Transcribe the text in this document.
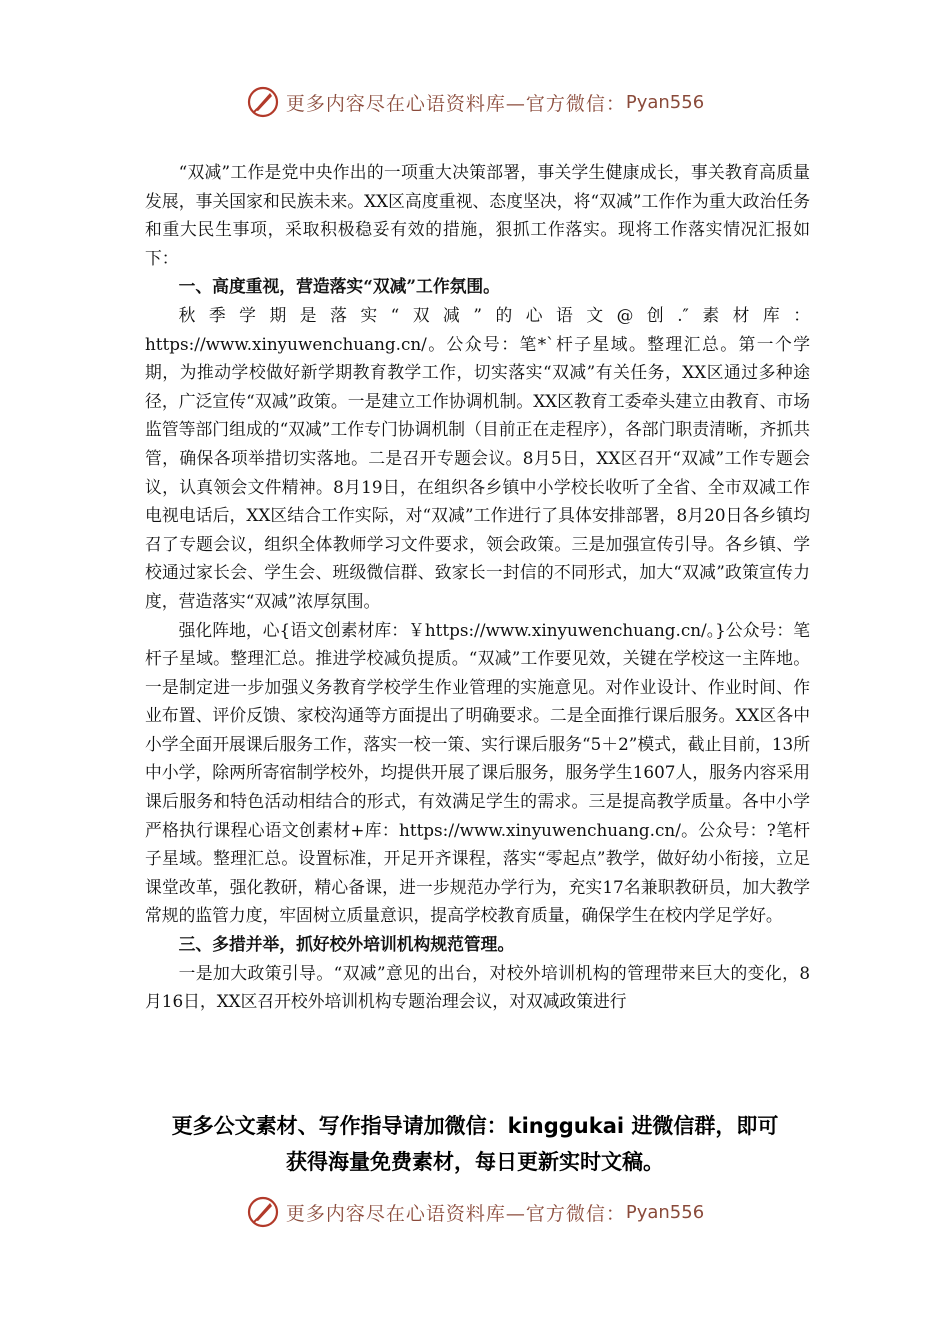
更多内容尽在心语资料库—官方微信： Pyan556

“双减”工作是党中央作出的一项重大决策部署，事关学生健康成长，事关教育高质量发展，事关国家和民族未来。XX区高度重视、态度坚决，将“双减”工作作为重大政治任务和重大民生事项，采取积极稳妥有效的措施，狠抓工作落实。现将工作落实情况汇报如下：

一、高度重视，营造落实“双减”工作氛围。

秋季学期是落实“双减”的心语文@创.″素材库：https://www.xinyuwenchuang.cn/。公众号：笔*`杆子星域。整理汇总。第一个学期，为推动学校做好新学期教育教学工作，切实落实“双减”有关任务，XX区通过多种途径，广泛宣传“双减”政策。一是建立工作协调机制。XX区教育工委牵头建立由教育、市场监管等部门组成的“双减”工作专门协调机制（目前正在走程序），各部门职责清晰，齐抓共管，确保各项举措切实落地。二是召开专题会议。8月5日，XX区召开“双减”工作专题会议，认真领会文件精神。8月19日，在组织各乡镇中小学校长收听了全省、全市双减工作电视电话后，XX区结合工作实际，对“双减”工作进行了具体安排部署，8月20日各乡镇均召了专题会议，组织全体教师学习文件要求，领会政策。三是加强宣传引导。各乡镇、学校通过家长会、学生会、班级微信群、致家长一封信的不同形式，加大“双减”政策宣传力度，营造落实“双减”浓厚氛围。

强化阵地，心{语文创素材库：￥https://www.xinyuwenchuang.cn/。}公众号：笔杆子星域。整理汇总。推进学校减负提质。“双减”工作要见效，关键在学校这一主阵地。一是制定进一步加强义务教育学校学生作业管理的实施意见。对作业设计、作业时间、作业布置、评价反馈、家校沟通等方面提出了明确要求。二是全面推行课后服务。XX区各中小学全面开展课后服务工作，落实一校一策、实行课后服务“5＋2”模式，截止目前，13所中小学，除两所寄宿制学校外，均提供开展了课后服务，服务学生1607人，服务内容采用课后服务和特色活动相结合的形式，有效满足学生的需求。三是提高教学质量。各中小学严格执行课程心语文创素材+库：https://www.xinyuwenchuang.cn/。公众号：?笔杆子星域。整理汇总。设置标准，开足开齐课程，落实“零起点”教学，做好幼小衔接，立足课堂改革，强化教研，精心备课，进一步规范办学行为，充实17名兼职教研员，加大教学常规的监管力度，牢固树立质量意识，提高学校教育质量，确保学生在校内学足学好。

三、多措并举，抓好校外培训机构规范管理。

一是加大政策引导。“双减”意见的出台，对校外培训机构的管理带来巨大的变化，8月16日，XX区召开校外培训机构专题治理会议，对双减政策进行

更多公文素材、写作指导请加微信：kinggukai 进微信群，即可
获得海量免费素材，每日更新实时文稿。
更多内容尽在心语资料库—官方微信： Pyan556
